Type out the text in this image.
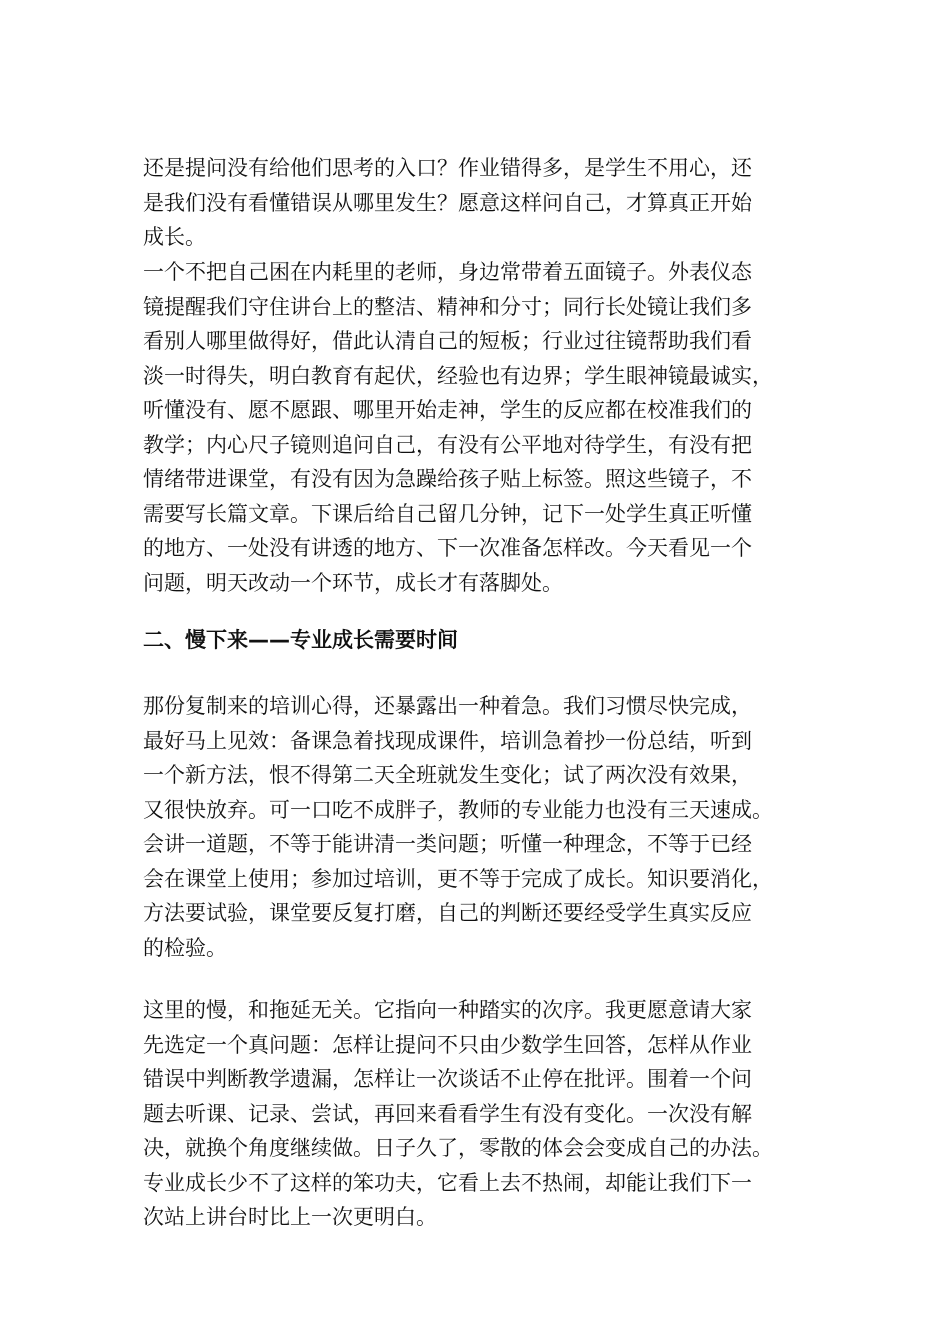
还是提问没有给他们思考的入口？作业错得多，是学生不用心，还
是我们没有看懂错误从哪里发生？愿意这样问自己，才算真正开始
成长。
一个不把自己困在内耗里的老师，身边常带着五面镜子。外表仪态
镜提醒我们守住讲台上的整洁、精神和分寸；同行长处镜让我们多
看别人哪里做得好，借此认清自己的短板；行业过往镜帮助我们看
淡一时得失，明白教育有起伏，经验也有边界；学生眼神镜最诚实，
听懂没有、愿不愿跟、哪里开始走神，学生的反应都在校准我们的
教学；内心尺子镜则追问自己，有没有公平地对待学生，有没有把
情绪带进课堂，有没有因为急躁给孩子贴上标签。照这些镜子，不
需要写长篇文章。下课后给自己留几分钟，记下一处学生真正听懂
的地方、一处没有讲透的地方、下一次准备怎样改。今天看见一个
问题，明天改动一个环节，成长才有落脚处。
二、慢下来——专业成长需要时间
那份复制来的培训心得，还暴露出一种着急。我们习惯尽快完成，
最好马上见效：备课急着找现成课件，培训急着抄一份总结，听到
一个新方法，恨不得第二天全班就发生变化；试了两次没有效果，
又很快放弃。可一口吃不成胖子，教师的专业能力也没有三天速成。
会讲一道题，不等于能讲清一类问题；听懂一种理念，不等于已经
会在课堂上使用；参加过培训，更不等于完成了成长。知识要消化，
方法要试验，课堂要反复打磨，自己的判断还要经受学生真实反应
的检验。
这里的慢，和拖延无关。它指向一种踏实的次序。我更愿意请大家
先选定一个真问题：怎样让提问不只由少数学生回答，怎样从作业
错误中判断教学遗漏，怎样让一次谈话不止停在批评。围着一个问
题去听课、记录、尝试，再回来看看学生有没有变化。一次没有解
决，就换个角度继续做。日子久了，零散的体会会变成自己的办法。
专业成长少不了这样的笨功夫，它看上去不热闹，却能让我们下一
次站上讲台时比上一次更明白。
